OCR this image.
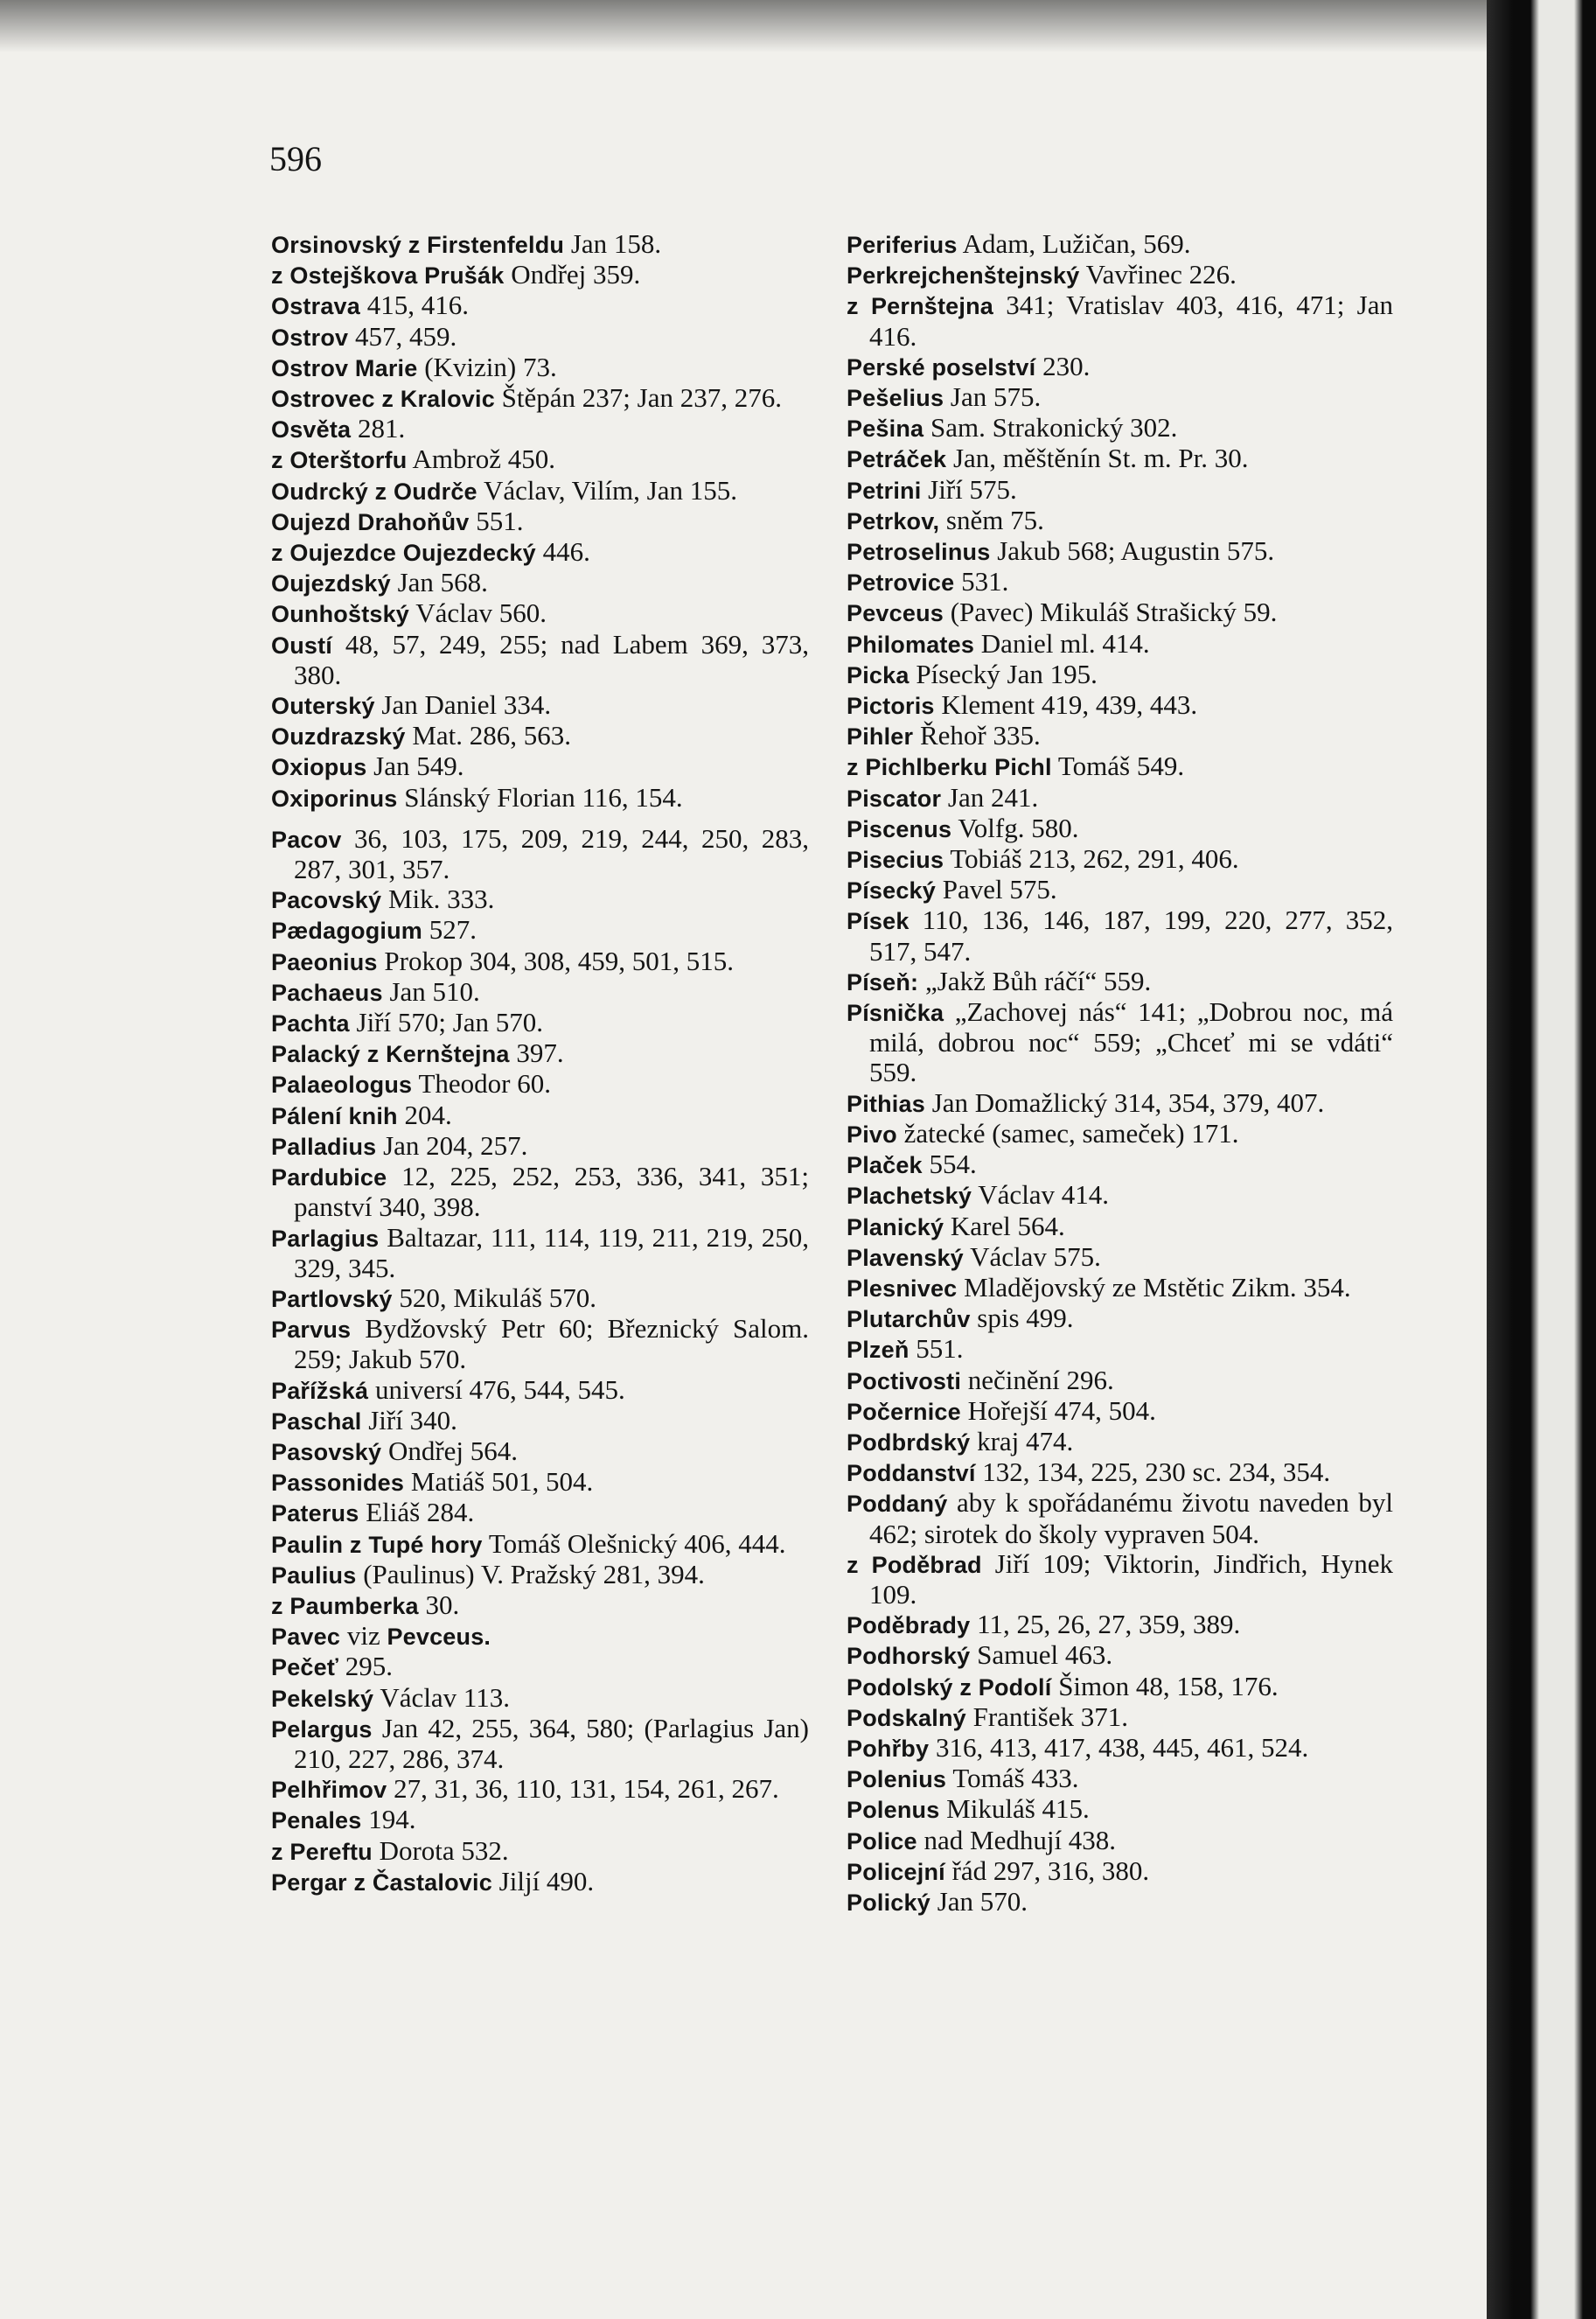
596
Orsinovský z Firstenfeldu Jan 158.
z Ostejškova Prušák Ondřej 359.
Ostrava 415, 416.
Ostrov 457, 459.
Ostrov Marie (Kvizin) 73.
Ostrovec z Kralovic Štěpán 237; Jan 237, 276.
Osvěta 281.
z Oterštorfu Ambrož 450.
Oudrcký z Oudrče Václav, Vilím, Jan 155.
Oujezd Drahoňův 551.
z Oujezdce Oujezdecký 446.
Oujezdský Jan 568.
Ounhoštský Václav 560.
Oustí 48, 57, 249, 255; nad Labem 369, 373, 380.
Outerský Jan Daniel 334.
Ouzdrazský Mat. 286, 563.
Oxiopus Jan 549.
Oxiporinus Slánský Florian 116, 154.
Pacov 36, 103, 175, 209, 219, 244, 250, 283, 287, 301, 357.
Pacovský Mik. 333.
Pædagogium 527.
Paeonius Prokop 304, 308, 459, 501, 515.
Pachaeus Jan 510.
Pachta Jiří 570; Jan 570.
Palacký z Kernštejna 397.
Palaeologus Theodor 60.
Pálení knih 204.
Palladius Jan 204, 257.
Pardubice 12, 225, 252, 253, 336, 341, 351; panství 340, 398.
Parlagius Baltazar, 111, 114, 119, 211, 219, 250, 329, 345.
Partlovský 520, Mikuláš 570.
Parvus Bydžovský Petr 60; Březnický Salom. 259; Jakub 570.
Pařížská universí 476, 544, 545.
Paschal Jiří 340.
Pasovský Ondřej 564.
Passonides Matiáš 501, 504.
Paterus Eliáš 284.
Paulin z Tupé hory Tomáš Olešnický 406, 444.
Paulius (Paulinus) V. Pražský 281, 394.
z Paumberka 30.
Pavec viz Pevceus.
Pečeť 295.
Pekelský Václav 113.
Pelargus Jan 42, 255, 364, 580; (Parlagius Jan) 210, 227, 286, 374.
Pelhřimov 27, 31, 36, 110, 131, 154, 261, 267.
Penales 194.
z Pereftu Dorota 532.
Pergar z Častalovic Jiljí 490.
Periferius Adam, Lužičan, 569.
Perkrejchenštejnský Vavřinec 226.
z Pernštejna 341; Vratislav 403, 416, 471; Jan 416.
Perské poselství 230.
Pešelius Jan 575.
Pešina Sam. Strakonický 302.
Petráček Jan, měštěnín St. m. Pr. 30.
Petrini Jiří 575.
Petrkov, sněm 75.
Petroselinus Jakub 568; Augustin 575.
Petrovice 531.
Pevceus (Pavec) Mikuláš Strašický 59.
Philomates Daniel ml. 414.
Picka Písecký Jan 195.
Pictoris Klement 419, 439, 443.
Pihler Řehoř 335.
z Pichlberku Pichl Tomáš 549.
Piscator Jan 241.
Piscenus Volfg. 580.
Pisecius Tobiáš 213, 262, 291, 406.
Písecký Pavel 575.
Písek 110, 136, 146, 187, 199, 220, 277, 352, 517, 547.
Píseň: „Jakž Bůh ráčí“ 559.
Písnička „Zachovej nás“ 141; „Dobrou noc, má milá, dobrou noc“ 559; „Chceť mi se vdáti“ 559.
Pithias Jan Domažlický 314, 354, 379, 407.
Pivo žatecké (samec, sameček) 171.
Plaček 554.
Plachetský Václav 414.
Planický Karel 564.
Plavenský Václav 575.
Plesnivec Mladějovský ze Mstětic Zikm. 354.
Plutarchův spis 499.
Plzeň 551.
Poctivosti nečinění 296.
Počernice Hořejší 474, 504.
Podbrdský kraj 474.
Poddanství 132, 134, 225, 230 sc. 234, 354.
Poddaný aby k spořádanému životu naveden byl 462; sirotek do školy vypraven 504.
z Poděbrad Jiří 109; Viktorin, Jindřich, Hynek 109.
Poděbrady 11, 25, 26, 27, 359, 389.
Podhorský Samuel 463.
Podolský z Podolí Šimon 48, 158, 176.
Podskalný František 371.
Pohřby 316, 413, 417, 438, 445, 461, 524.
Polenius Tomáš 433.
Polenus Mikuláš 415.
Police nad Medhují 438.
Policejní řád 297, 316, 380.
Polický Jan 570.
